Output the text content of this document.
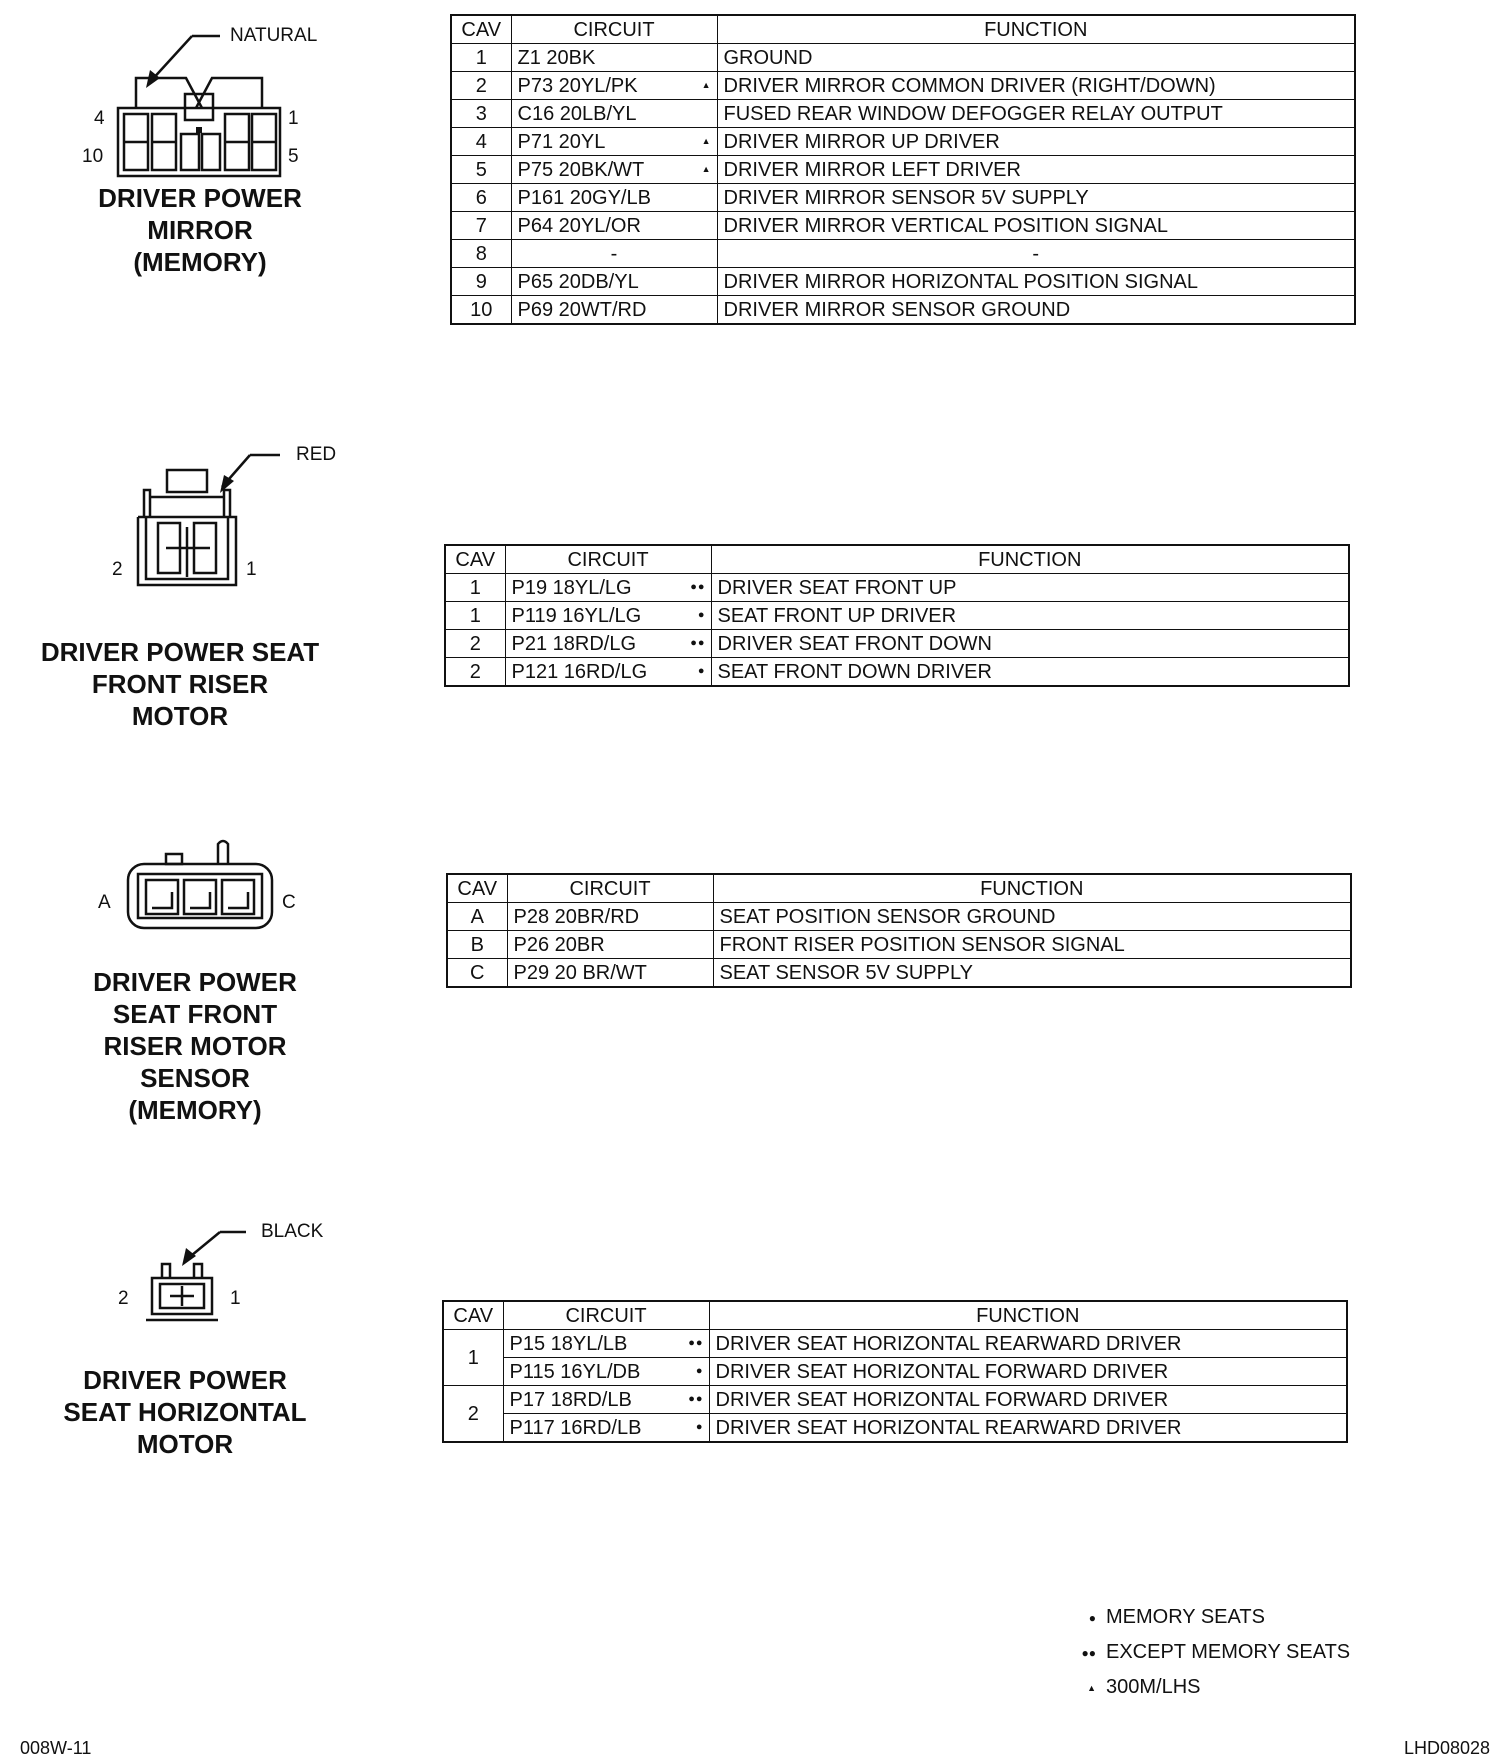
NATURAL
4	1
10	5
DRIVER POWER
MIRROR
(MEMORY)
CAV	CIRCUIT	FUNCTION
1	Z1 20BK	GROUND
2	P73 20YL/PK ▲	DRIVER MIRROR COMMON DRIVER (RIGHT/DOWN)
3	C16 20LB/YL	FUSED REAR WINDOW DEFOGGER RELAY OUTPUT
4	P71 20YL ▲	DRIVER MIRROR UP DRIVER
5	P75 20BK/WT ▲	DRIVER MIRROR LEFT DRIVER
6	P161 20GY/LB	DRIVER MIRROR SENSOR 5V SUPPLY
7	P64 20YL/OR	DRIVER MIRROR VERTICAL POSITION SIGNAL
8	-	-
9	P65 20DB/YL	DRIVER MIRROR HORIZONTAL POSITION SIGNAL
10	P69 20WT/RD	DRIVER MIRROR SENSOR GROUND
RED
2	1
DRIVER POWER SEAT
FRONT RISER
MOTOR
CAV	CIRCUIT	FUNCTION
1	P19 18YL/LG ●●	DRIVER SEAT FRONT UP
1	P119 16YL/LG ●	SEAT FRONT UP DRIVER
2	P21 18RD/LG ●●	DRIVER SEAT FRONT DOWN
2	P121 16RD/LG ●	SEAT FRONT DOWN DRIVER
A	C
DRIVER POWER
SEAT FRONT
RISER MOTOR
SENSOR
(MEMORY)
CAV	CIRCUIT	FUNCTION
A	P28 20BR/RD	SEAT POSITION SENSOR GROUND
B	P26 20BR	FRONT RISER POSITION SENSOR SIGNAL
C	P29 20 BR/WT	SEAT SENSOR 5V SUPPLY
BLACK
2	1
DRIVER POWER
SEAT HORIZONTAL
MOTOR
CAV	CIRCUIT	FUNCTION
1	P15 18YL/LB ●●	DRIVER SEAT HORIZONTAL REARWARD DRIVER
	P115 16YL/DB ●	DRIVER SEAT HORIZONTAL FORWARD DRIVER
2	P17 18RD/LB ●●	DRIVER SEAT HORIZONTAL FORWARD DRIVER
	P117 16RD/LB ●	DRIVER SEAT HORIZONTAL REARWARD DRIVER
● MEMORY SEATS
●● EXCEPT MEMORY SEATS
▲ 300M/LHS
008W-11	LHD08028
